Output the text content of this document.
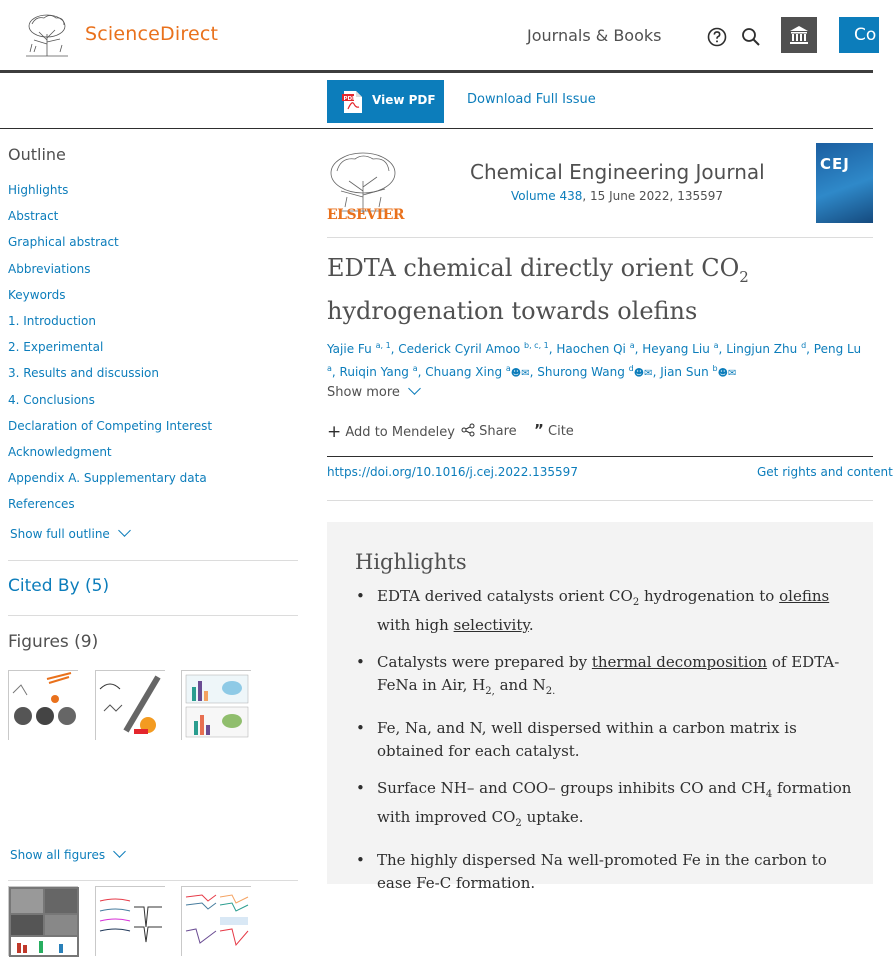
ScienceDirect	Journals & Books	Co
PDF View PDF Download Full Issue
Outline
Highlights
Abstract
Graphical abstract
Abbreviations
Keywords
1. Introduction
2. Experimental
3. Results and discussion
4. Conclusions
Declaration of Competing Interest
Acknowledgment
Appendix A. Supplementary data
References
Show full outline
Cited By (5)
Figures (9)
Show all figures
ELSEVIER
Chemical Engineering Journal
Volume 438, 15 June 2022, 135597
CEJ
EDTA chemical directly orient $CO_2$
hydrogenation towards olefins
Yajie Fu $^{a, 1}$, Cederick Cyril Amoo $^{b, c, 1}$, Haochen Qi $^a$, Heyang Liu $^a$, Lingjun Zhu $^d$, Peng Lu $^a$, Ruiqin Yang $^a$, Chuang Xing $^a$☻✉, Shurong Wang $^d$☻✉, Jian Sun $^b$☻✉
Show more
+ Add to Mendeley	Share ” Cite
https://doi.org/10.1016/j.cej.2022.135597	Get rights and content
Highlights
• EDTA derived catalysts orient $CO_2$ hydrogenation to olefins with high selectivity.
• Catalysts were prepared by thermal decomposition of EDTA-FeNa in Air, $H_{2,}$ and $N_{2.}$
• Fe, Na, and N, well dispersed within a carbon matrix is obtained for each catalyst.
• Surface NH– and COO– groups inhibits CO and $CH_4$ formation with improved $CO_2$ uptake.
• The highly dispersed Na well-promoted Fe in the carbon to ease Fe-C formation.
